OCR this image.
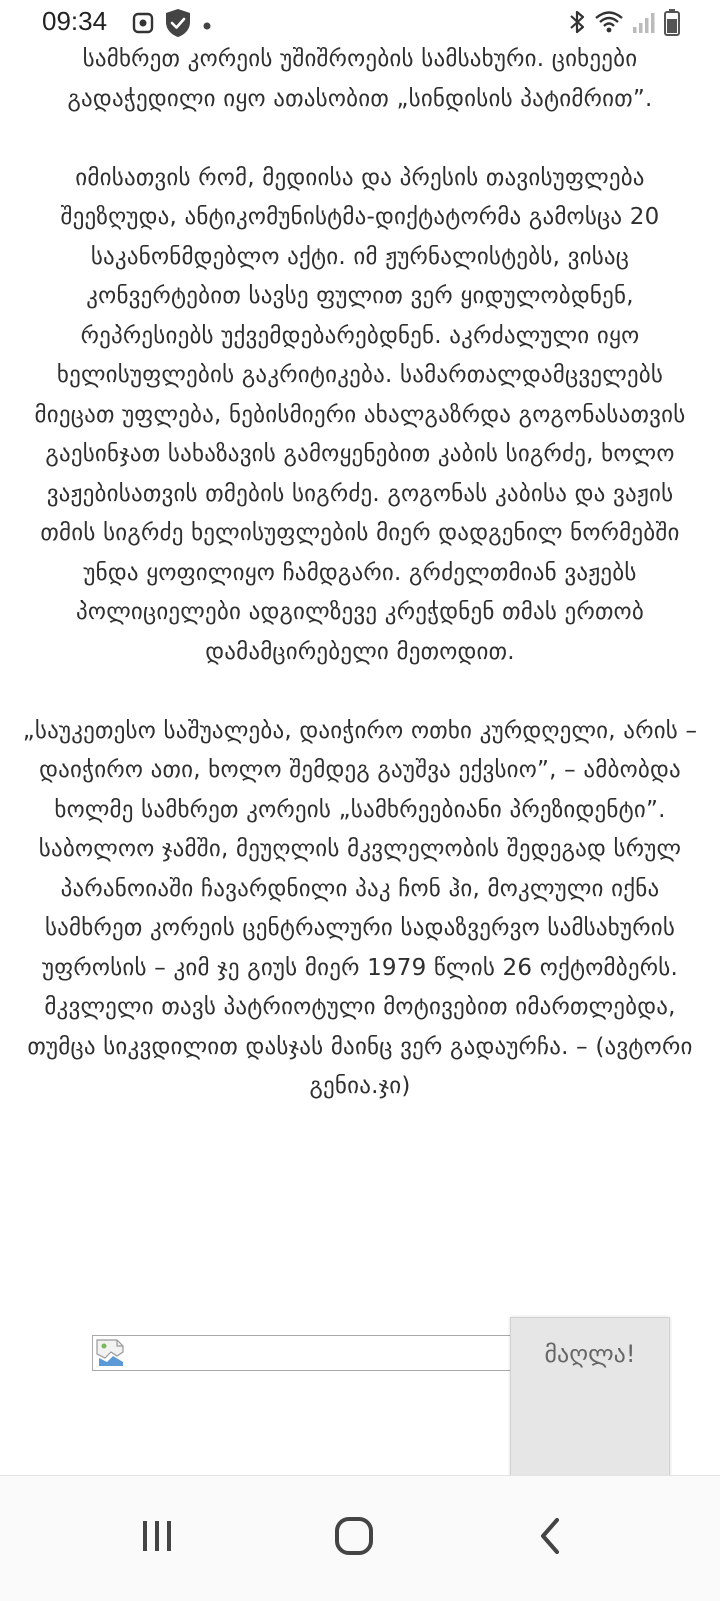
09:34

სამხრეთ კორეის უშიშროების სამსახური. ციხეები გადაჭედილი იყო ათასობით „სინდისის პატიმრით”.

იმისათვის რომ, მედიისა და პრესის თავისუფლება შეეზღუდა, ანტიკომუნისტმა-დიქტატორმა გამოსცა 20 საკანონმდებლო აქტი. იმ ჟურნალისტებს, ვისაც კონვერტებით სავსე ფულით ვერ ყიდულობდნენ, რეპრესიებს უქვემდებარებდნენ. აკრძალული იყო ხელისუფლების გაკრიტიკება. სამართალდამცველებს მიეცათ უფლება, ნებისმიერი ახალგაზრდა გოგონასათვის გაესინჯათ სახაზავის გამოყენებით კაბის სიგრძე, ხოლო ვაჟებისათვის თმების სიგრძე. გოგონას კაბისა და ვაჟის თმის სიგრძე ხელისუფლების მიერ დადგენილ ნორმებში უნდა ყოფილიყო ჩამდგარი. გრძელთმიან ვაჟებს პოლიციელები ადგილზევე კრეჭდნენ თმას ერთობ დამამცირებელი მეთოდით.

„საუკეთესო საშუალება, დაიჭირო ოთხი კურდღელი, არის – დაიჭირო ათი, ხოლო შემდეგ გაუშვა ექვსიო”, – ამბობდა ხოლმე სამხრეთ კორეის „სამხრეებიანი პრეზიდენტი”. საბოლოო ჯამში, მეუღლის მკვლელობის შედეგად სრულ პარანოიაში ჩავარდნილი პაკ ჩონ ჰი, მოკლული იქნა სამხრეთ კორეის ცენტრალური სადაზვერვო სამსახურის უფროსის – კიმ ჯე გიუს მიერ 1979 წლის 26 ოქტომბერს. მკვლელი თავს პატრიოტული მოტივებით იმართლებდა, თუმცა სიკვდილით დასჯას მაინც ვერ გადაურჩა. – (ავტორი გენია.ჯი)

მაღლა!
